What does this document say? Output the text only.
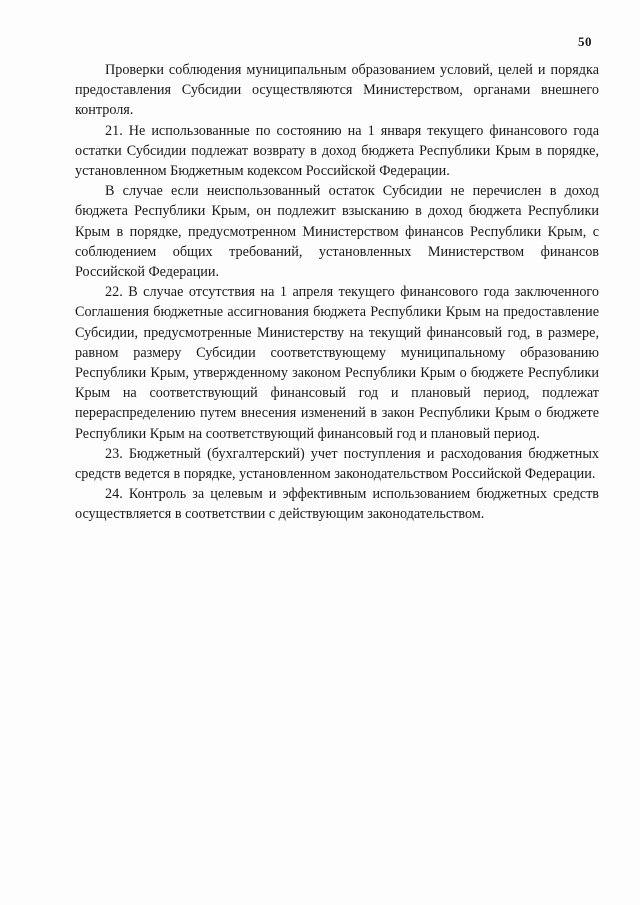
50

Проверки соблюдения муниципальным образованием условий, целей и порядка предоставления Субсидии осуществляются Министерством, органами внешнего контроля.

21. Не использованные по состоянию на 1 января текущего финансового года остатки Субсидии подлежат возврату в доход бюджета Республики Крым в порядке, установленном Бюджетным кодексом Российской Федерации.

В случае если неиспользованный остаток Субсидии не перечислен в доход бюджета Республики Крым, он подлежит взысканию в доход бюджета Республики Крым в порядке, предусмотренном Министерством финансов Республики Крым, с соблюдением общих требований, установленных Министерством финансов Российской Федерации.

22. В случае отсутствия на 1 апреля текущего финансового года заключенного Соглашения бюджетные ассигнования бюджета Республики Крым на предоставление Субсидии, предусмотренные Министерству на текущий финансовый год, в размере, равном размеру Субсидии соответствующему муниципальному образованию Республики Крым, утвержденному законом Республики Крым о бюджете Республики Крым на соответствующий финансовый год и плановый период, подлежат перераспределению путем внесения изменений в закон Республики Крым о бюджете Республики Крым на соответствующий финансовый год и плановый период.

23. Бюджетный (бухгалтерский) учет поступления и расходования бюджетных средств ведется в порядке, установленном законодательством Российской Федерации.

24. Контроль за целевым и эффективным использованием бюджетных средств осуществляется в соответствии с действующим законодательством.
